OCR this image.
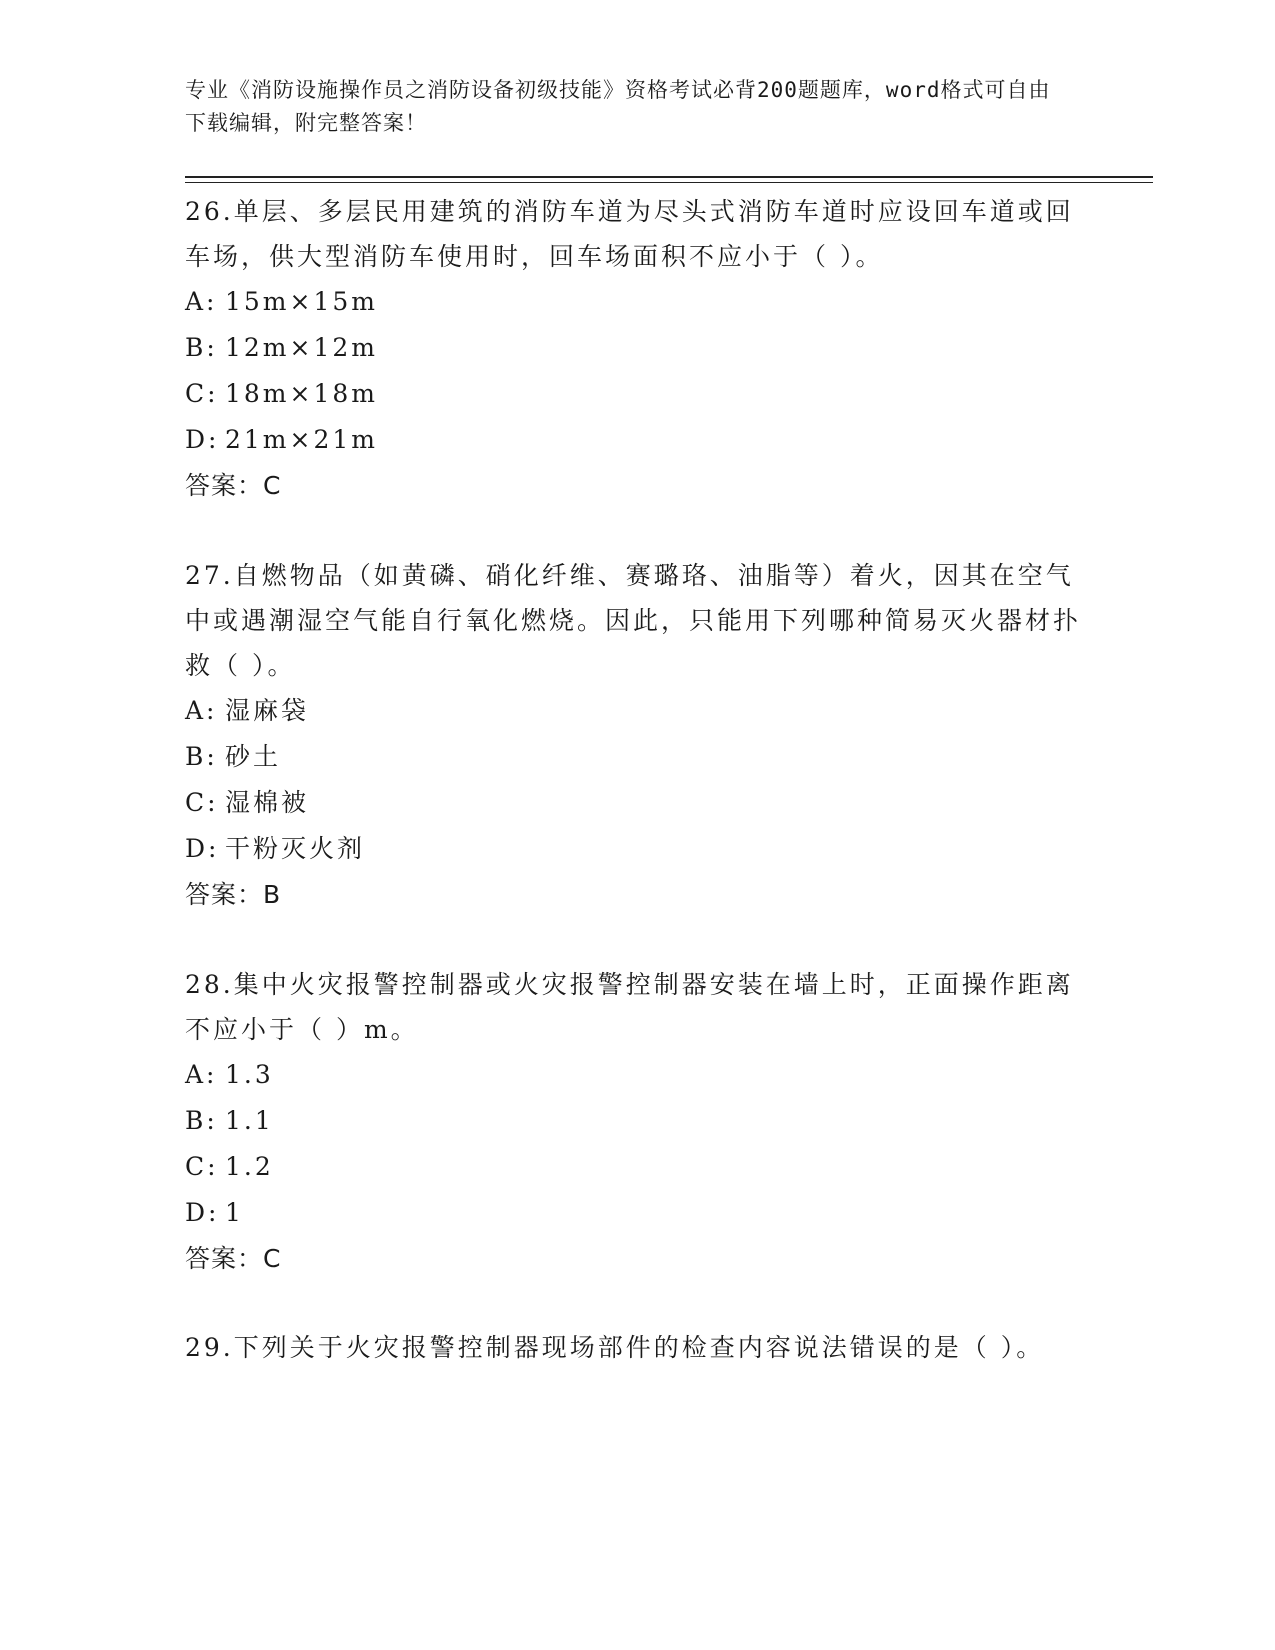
专业《消防设施操作员之消防设备初级技能》资格考试必背200题题库，word格式可自由下载编辑，附完整答案！

26.单层、多层民用建筑的消防车道为尽头式消防车道时应设回车道或回车场，供大型消防车使用时，回车场面积不应小于（ ）。

A: 15m×15m
B: 12m×12m
C: 18m×18m
D: 21m×21m
答案：C

27.自燃物品（如黄磷、硝化纤维、赛璐珞、油脂等）着火，因其在空气中或遇潮湿空气能自行氧化燃烧。因此，只能用下列哪种简易灭火器材扑救（ ）。

A: 湿麻袋
B: 砂土
C: 湿棉被
D: 干粉灭火剂
答案：B

28.集中火灾报警控制器或火灾报警控制器安装在墙上时，正面操作距离不应小于（ ）m。

A: 1.3
B: 1.1
C: 1.2
D: 1
答案：C

29.下列关于火灾报警控制器现场部件的检查内容说法错误的是（ ）。
